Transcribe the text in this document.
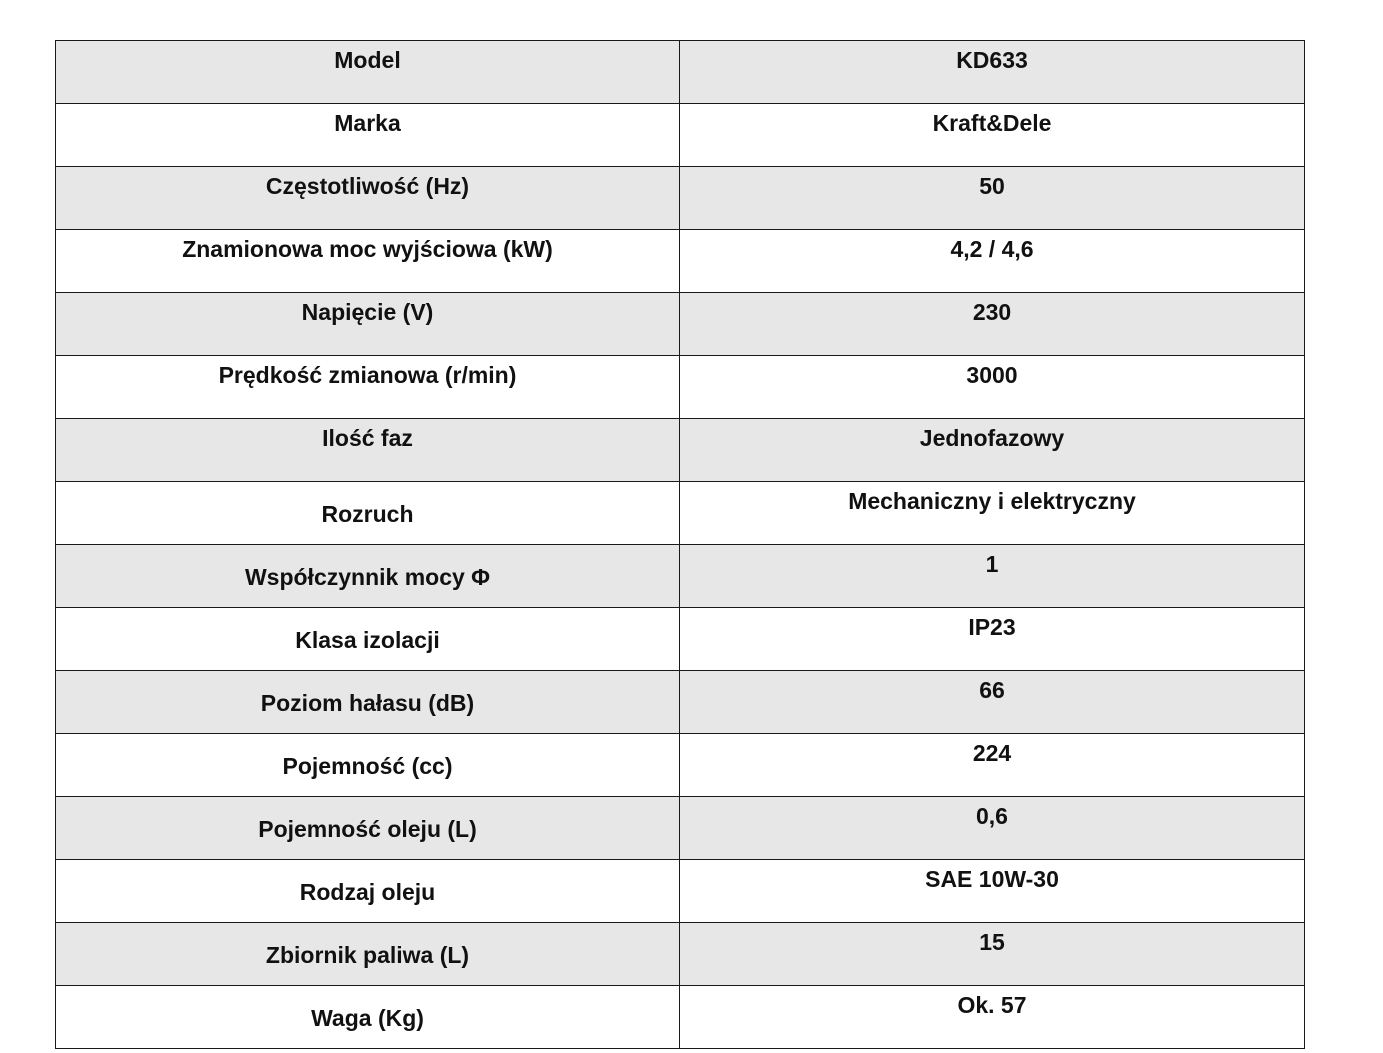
Model	KD633
Marka	Kraft&Dele
Częstotliwość (Hz)	50
Znamionowa moc wyjściowa (kW)	4,2 / 4,6
Napięcie (V)	230
Prędkość zmianowa (r/min)	3000
Ilość faz	Jednofazowy
Rozruch	Mechaniczny i elektryczny
Współczynnik mocy Φ	1
Klasa izolacji	IP23
Poziom hałasu (dB)	66
Pojemność (cc)	224
Pojemność oleju (L)	0,6
Rodzaj oleju	SAE 10W-30
Zbiornik paliwa (L)	15
Waga (Kg)	Ok. 57
